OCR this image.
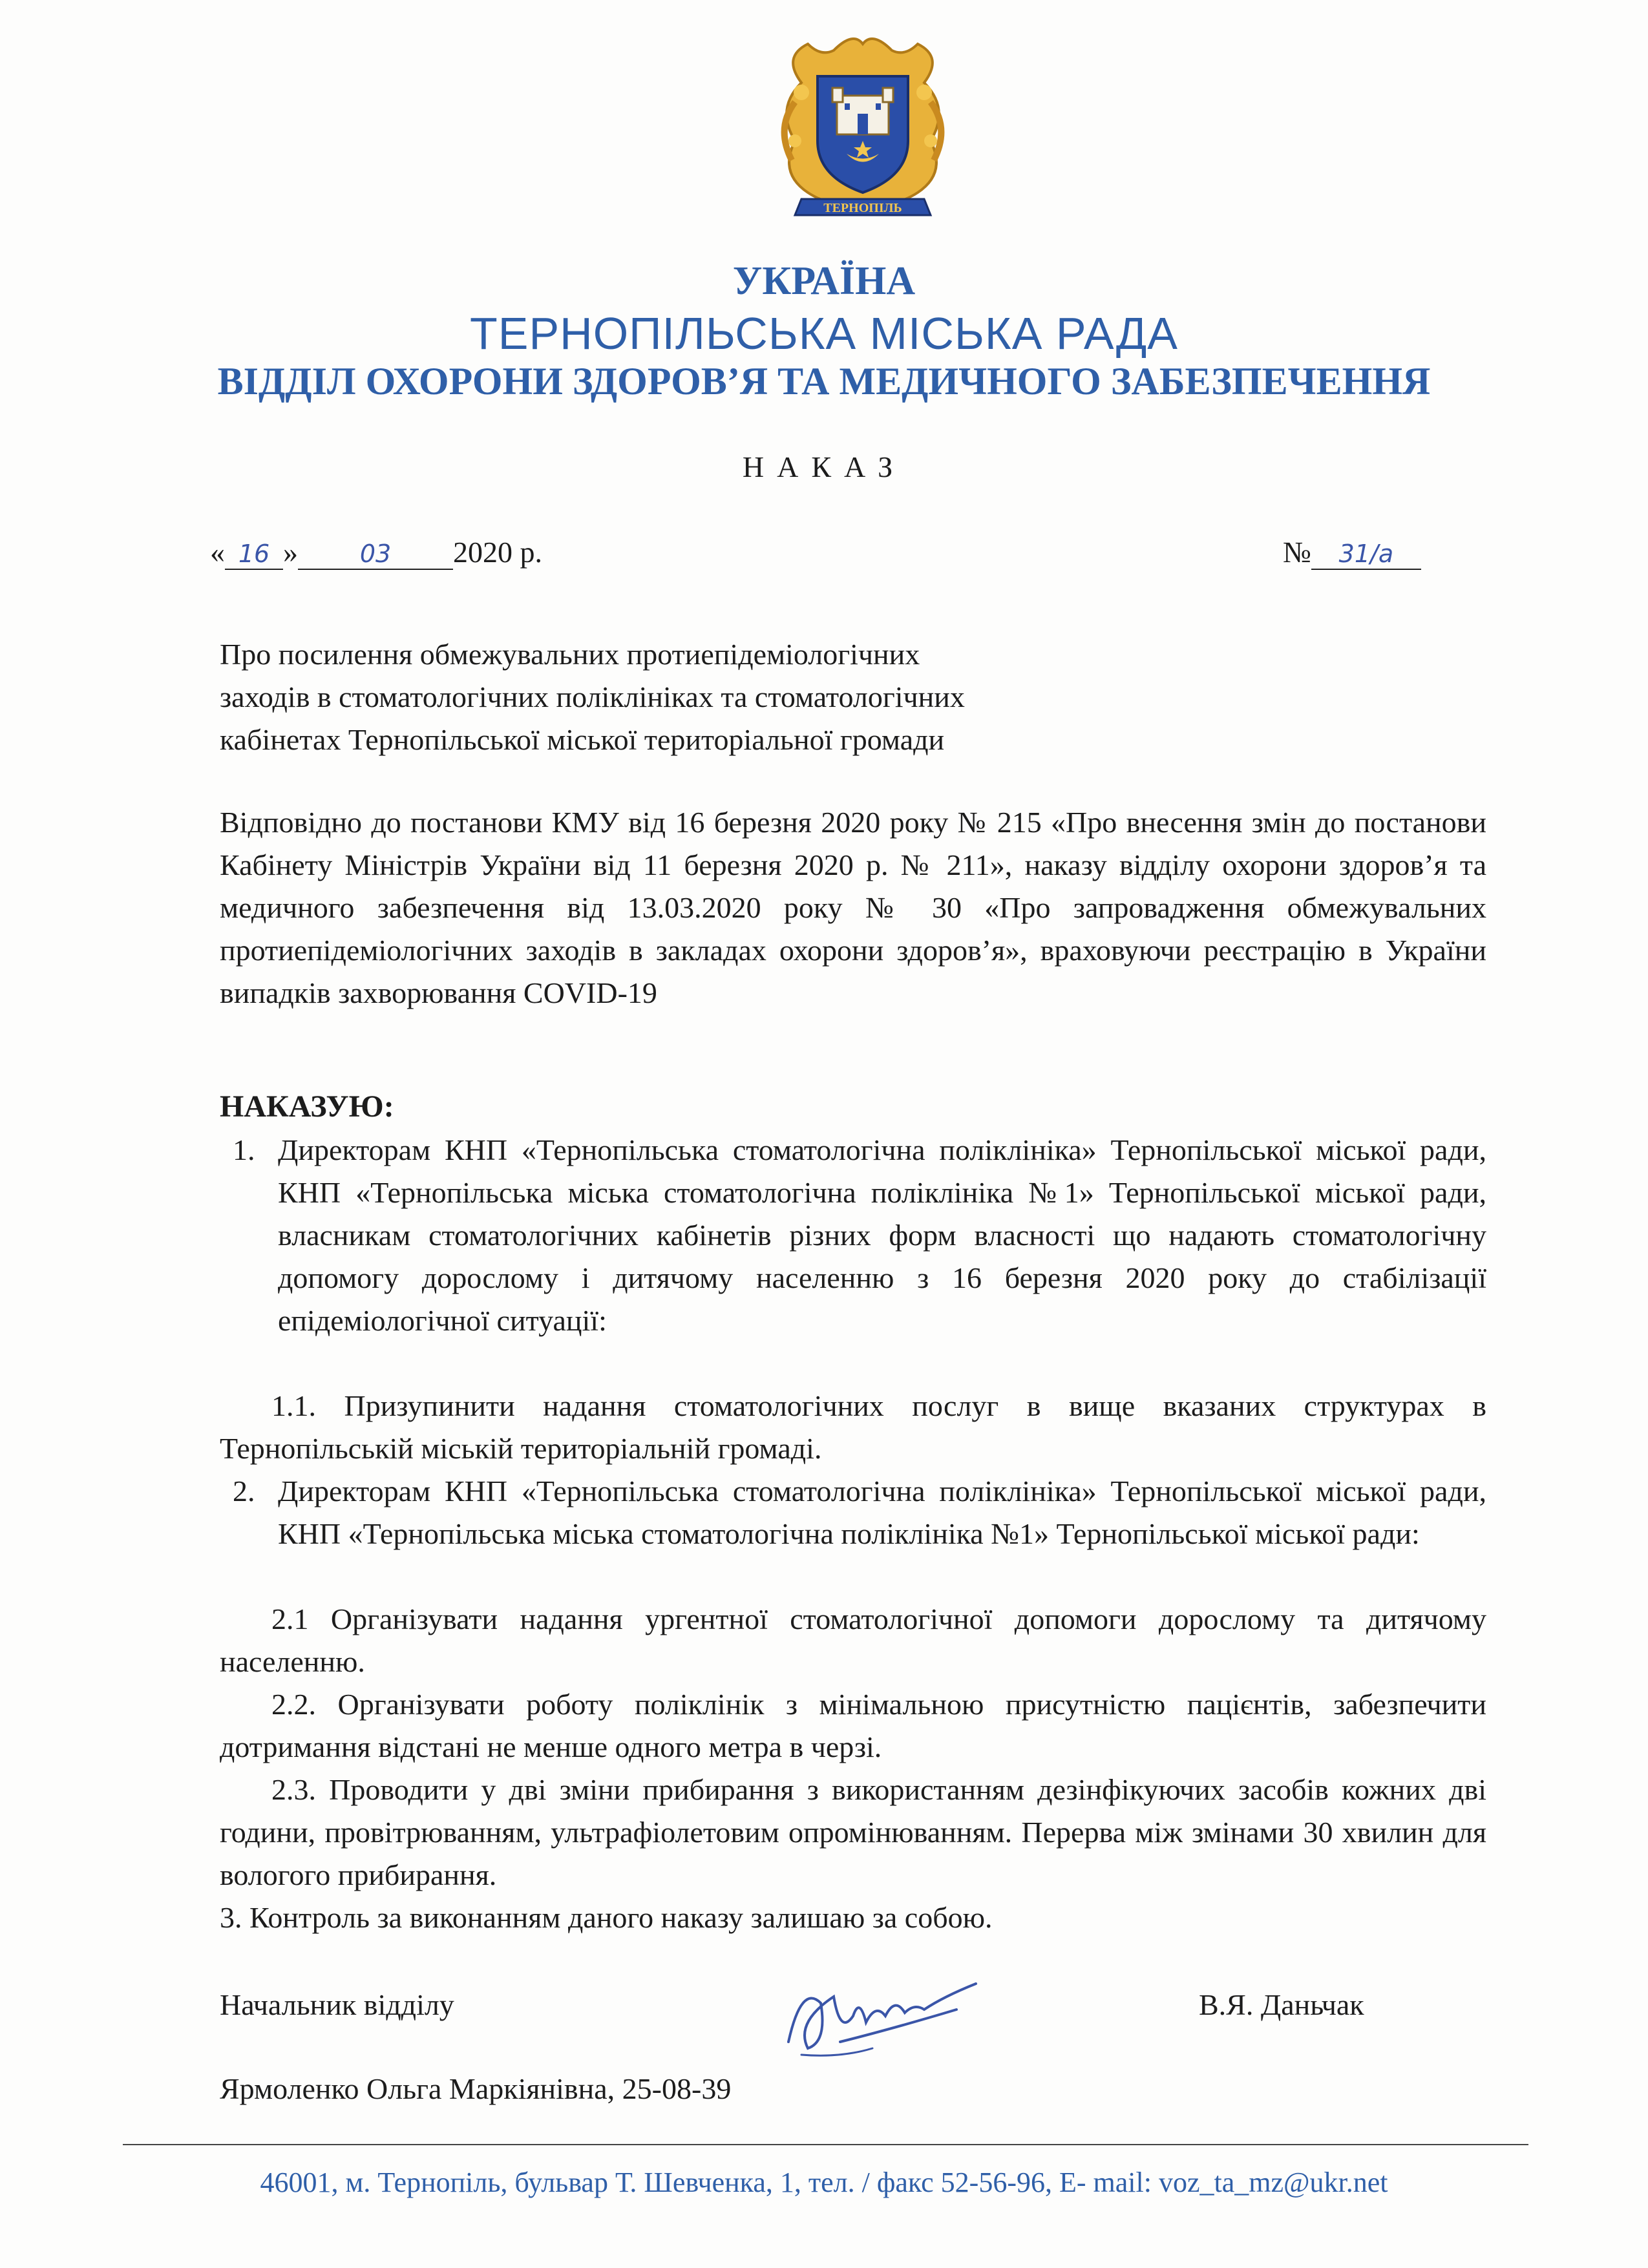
ТЕРНОПІЛЬ
УКРАЇНА
ТЕРНОПІЛЬСЬКА МІСЬКА РАДА
ВІДДІЛ ОХОРОНИ ЗДОРОВ’Я ТА МЕДИЧНОГО ЗАБЕЗПЕЧЕННЯ
НАКАЗ
« 16 »	03 2020 р.	№ 31/а
Про посилення обмежувальних протиепідеміологічних
заходів в стоматологічних поліклініках та стоматологічних
кабінетах Тернопільської міської територіальної громади

Відповідно до постанови КМУ від 16 березня 2020 року № 215 «Про внесення змін до постанови Кабінету Міністрів України від 11 березня 2020 р. № 211», наказу відділу охорони здоров’я та медичного забезпечення від 13.03.2020 року № 30 «Про запровадження обмежувальних протиепідеміологічних заходів в закладах охорони здоров’я», враховуючи реєстрацію в України випадків захворювання COVID-19

НАКАЗУЮ:
1. Директорам КНП «Тернопільська стоматологічна поліклініка» Тернопільської міської ради, КНП «Тернопільська міська стоматологічна поліклініка №1» Тернопільської міської ради, власникам стоматологічних кабінетів різних форм власності що надають стоматологічну допомогу дорослому і дитячому населенню з 16 березня 2020 року до стабілізації епідеміологічної ситуації:

1.1. Призупинити надання стоматологічних послуг в вище вказаних структурах в Тернопільській міській територіальній громаді.

2. Директорам КНП «Тернопільська стоматологічна поліклініка» Тернопільської міської ради, КНП «Тернопільська міська стоматологічна поліклініка №1» Тернопільської міської ради:

2.1 Організувати надання ургентної стоматологічної допомоги дорослому та дитячому населенню.

2.2. Організувати роботу поліклінік з мінімальною присутністю пацієнтів, забезпечити дотримання відстані не менше одного метра в черзі.

2.3. Проводити у дві зміни прибирання з використанням дезінфікуючих засобів кожних дві години, провітрюванням, ультрафіолетовим опромінюванням. Перерва між змінами 30 хвилин для вологого прибирання.

3. Контроль за виконанням даного наказу залишаю за собою.

Начальник відділу	В.Я. Даньчак
Ярмоленко Ольга Маркіянівна, 25-08-39
46001, м. Тернопіль, бульвар Т. Шевченка, 1, тел. / факс 52-56-96, E- mail: voz_ta_mz@ukr.net
